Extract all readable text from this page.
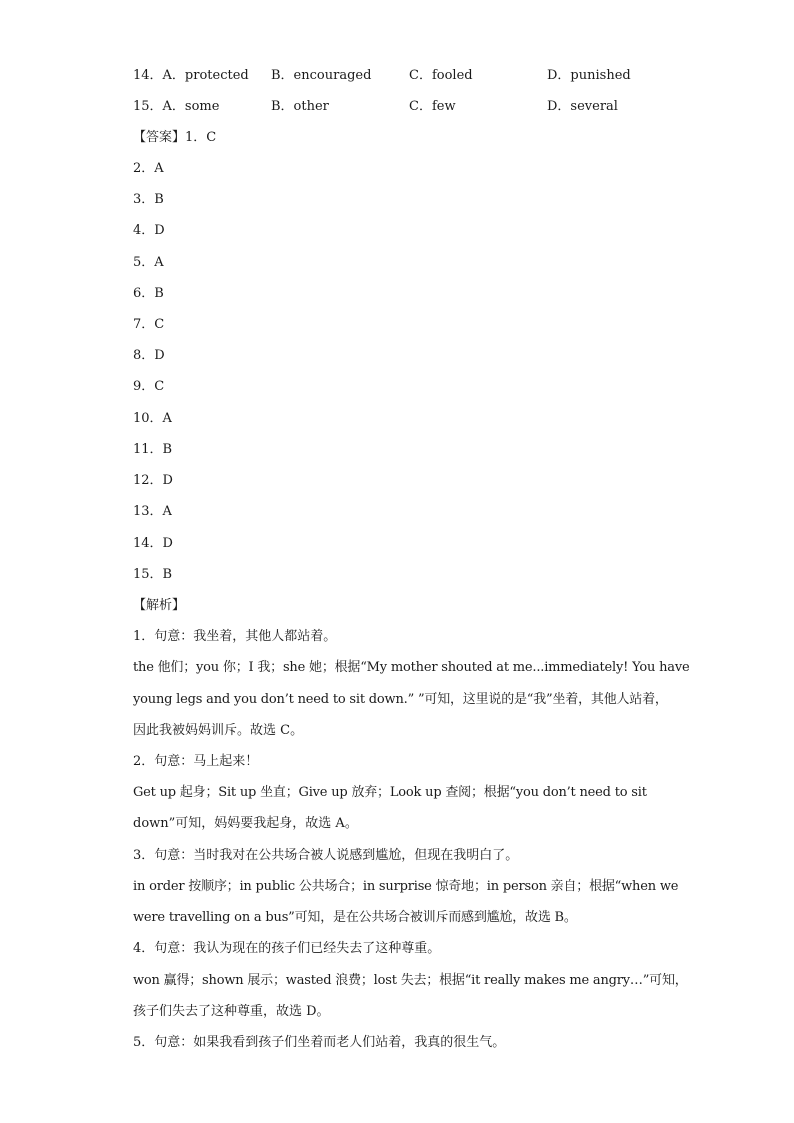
14．A．protected B．encouraged	C．fooled	D．punished
15．A．some	B．other	C．few	D．several
【答案】1．C
2．A
3．B
4．D
5．A
6．B
7．C
8．D
9．C
10．A
11．B
12．D
13．A
14．D
15．B
【解析】
1．句意：我坐着，其他人都站着。
the 他们；you 你；I 我；she 她；根据“My mother shouted at me...immediately! You have
young legs and you don’t need to sit down.” ”可知，这里说的是“我”坐着，其他人站着，
因此我被妈妈训斥。故选 C。
2．句意：马上起来！
Get up 起身；Sit up 坐直；Give up 放弃；Look up 查阅；根据“you don’t need to sit
down”可知，妈妈要我起身，故选 A。
3．句意：当时我对在公共场合被人说感到尴尬，但现在我明白了。
in order 按顺序；in public 公共场合；in surprise 惊奇地；in person 亲自；根据“when we
were travelling on a bus”可知，是在公共场合被训斥而感到尴尬，故选 B。
4．句意：我认为现在的孩子们已经失去了这种尊重。
won 赢得；shown 展示；wasted 浪费；lost 失去；根据“it really makes me angry…”可知，
孩子们失去了这种尊重，故选 D。
5．句意：如果我看到孩子们坐着而老人们站着，我真的很生气。
